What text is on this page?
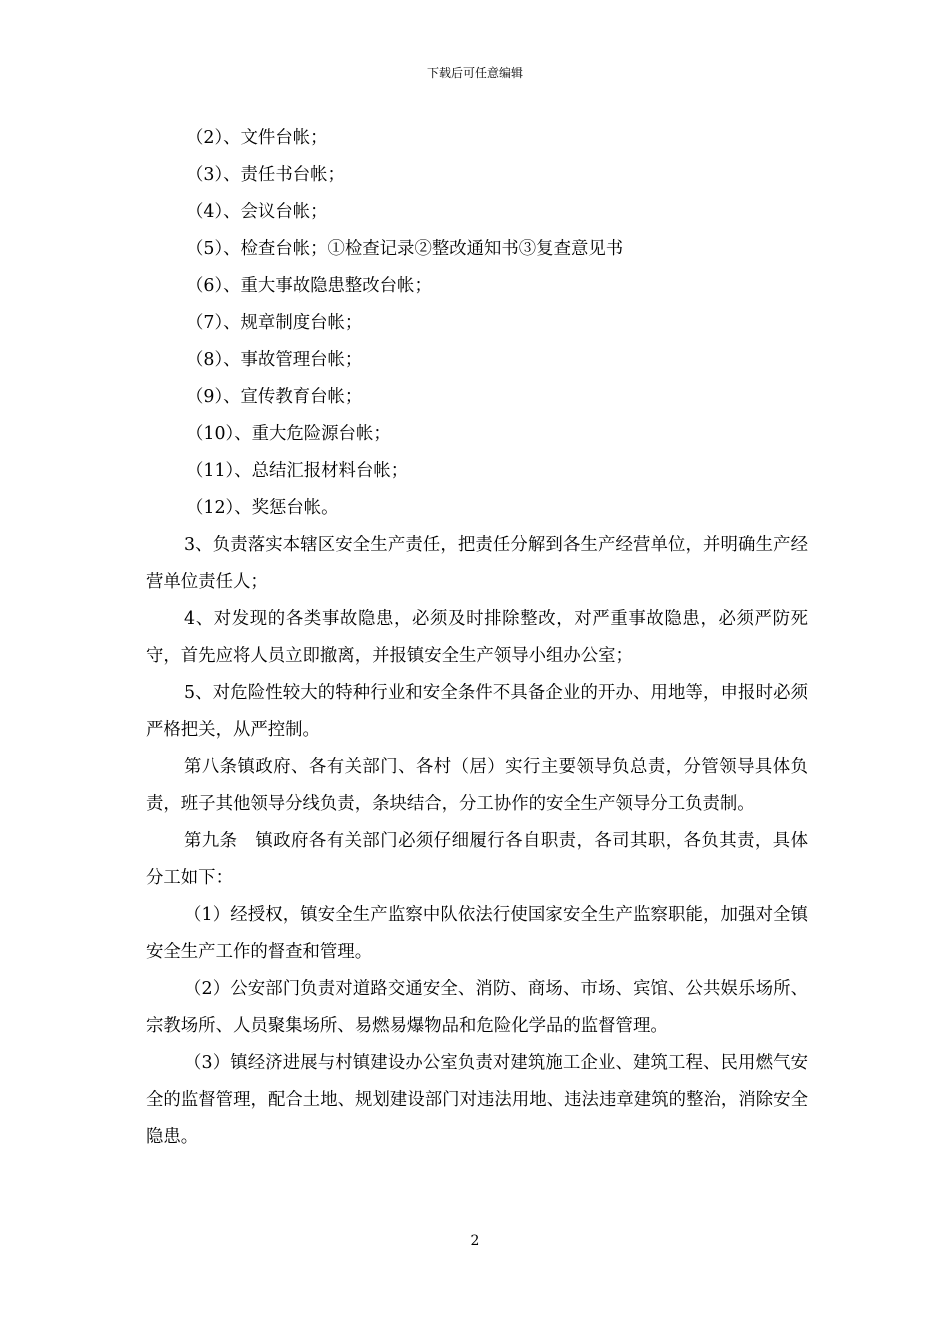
下载后可任意编辑

（2）、文件台帐；

（3）、责任书台帐；

（4）、会议台帐；

（5）、检查台帐；①检查记录②整改通知书③复查意见书

（6）、重大事故隐患整改台帐；

（7）、规章制度台帐；

（8）、事故管理台帐；

（9）、宣传教育台帐；

（10）、重大危险源台帐；

（11）、总结汇报材料台帐；

（12）、奖惩台帐。

3、负责落实本辖区安全生产责任，把责任分解到各生产经营单位，并明确生产经营单位责任人；

4、对发现的各类事故隐患，必须及时排除整改，对严重事故隐患，必须严防死守，首先应将人员立即撤离，并报镇安全生产领导小组办公室；

5、对危险性较大的特种行业和安全条件不具备企业的开办、用地等，申报时必须严格把关，从严控制。

第八条镇政府、各有关部门、各村（居）实行主要领导负总责，分管领导具体负责，班子其他领导分线负责，条块结合，分工协作的安全生产领导分工负责制。

第九条　镇政府各有关部门必须仔细履行各自职责，各司其职，各负其责，具体分工如下：

（1）经授权，镇安全生产监察中队依法行使国家安全生产监察职能，加强对全镇安全生产工作的督查和管理。

（2）公安部门负责对道路交通安全、消防、商场、市场、宾馆、公共娱乐场所、宗教场所、人员聚集场所、易燃易爆物品和危险化学品的监督管理。

（3）镇经济进展与村镇建设办公室负责对建筑施工企业、建筑工程、民用燃气安全的监督管理，配合土地、规划建设部门对违法用地、违法违章建筑的整治，消除安全隐患。

2
